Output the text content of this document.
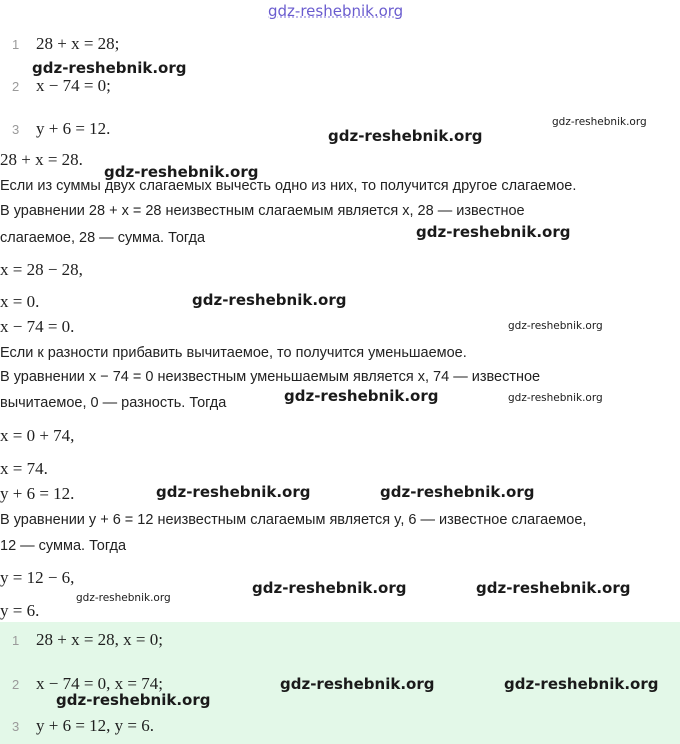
gdz-reshebnik.org
1 28 + x = 28;
2 x − 74 = 0;
3 y + 6 = 12.
28 + x = 28.
Если из суммы двух слагаемых вычесть одно из них, то получится другое слагаемое.
В уравнении 28 + x = 28 неизвестным слагаемым является x, 28 — известное
слагаемое, 28 — сумма. Тогда
x = 28 − 28,
x = 0.
x − 74 = 0.
Если к разности прибавить вычитаемое, то получится уменьшаемое.
В уравнении x − 74 = 0 неизвестным уменьшаемым является x, 74 — известное
вычитаемое, 0 — разность. Тогда
x = 0 + 74,
x = 74.
y + 6 = 12.
В уравнении y + 6 = 12 неизвестным слагаемым является y, 6 — известное слагаемое,
12 — сумма. Тогда
y = 12 − 6,
y = 6.
1 28 + x = 28, x = 0;
2 x − 74 = 0, x = 74;
3 y + 6 = 12, y = 6.
gdz-reshebnik.org
gdz-reshebnik.org
gdz-reshebnik.org
gdz-reshebnik.org
gdz-reshebnik.org
gdz-reshebnik.org
gdz-reshebnik.org
gdz-reshebnik.org	gdz-reshebnik.org
gdz-reshebnik.org	gdz-reshebnik.org
gdz-reshebnik.org	gdz-reshebnik.org
gdz-reshebnik.org
gdz-reshebnik.org	gdz-reshebnik.org
gdz-reshebnik.org
